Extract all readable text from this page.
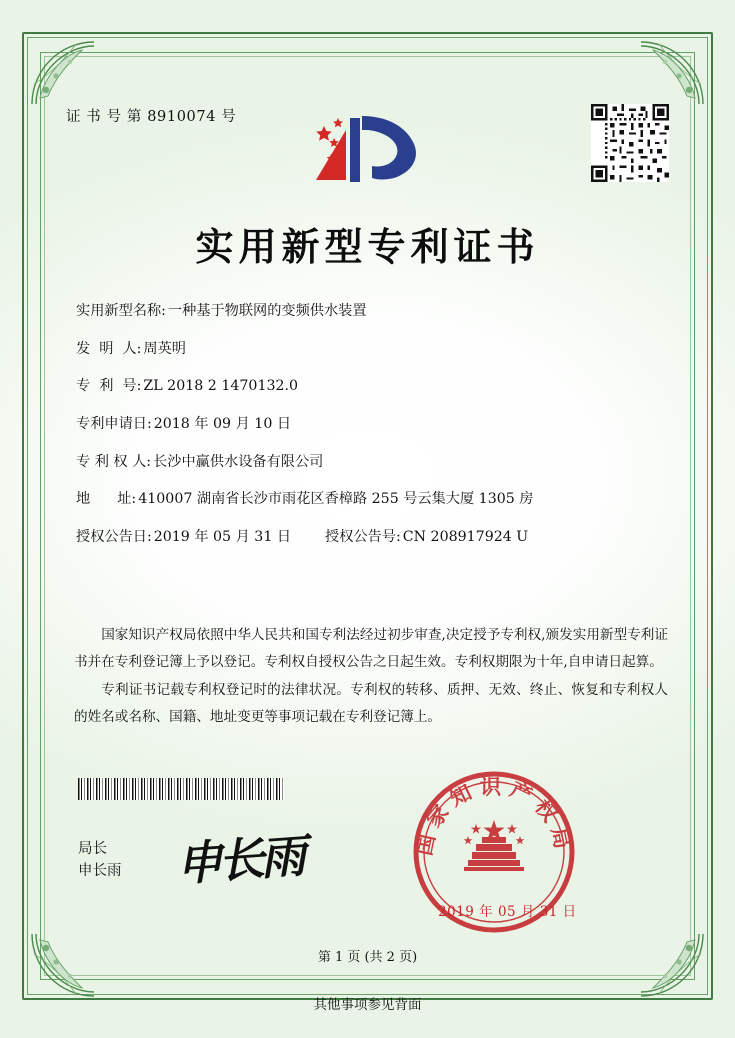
证 书 号 第 8910074 号
实用新型专利证书
实用新型名称: 一种基于物联网的变频供水装置
发  明  人: 周英明
专  利  号: ZL 2018 2 1470132.0
专利申请日: 2018 年 09 月 10 日
专 利 权 人: 长沙中赢供水设备有限公司
地      址: 410007 湖南省长沙市雨花区香樟路 255 号云集大厦 1305 房
授权公告日: 2019 年 05 月 31 日 授权公告号: CN 208917924 U

国家知识产权局依照中华人民共和国专利法经过初步审查,决定授予专利权,颁发实用新型专利证书并在专利登记簿上予以登记。专利权自授权公告之日起生效。专利权期限为十年,自申请日起算。

专利证书记载专利权登记时的法律状况。专利权的转移、质押、无效、终止、恢复和专利权人的姓名或名称、国籍、地址变更等事项记载在专利登记簿上。

局长
申长雨 申长雨	国家知识产权局
2019 年 05 月 31 日
第 1 页 (共 2 页)
其他事项参见背面
